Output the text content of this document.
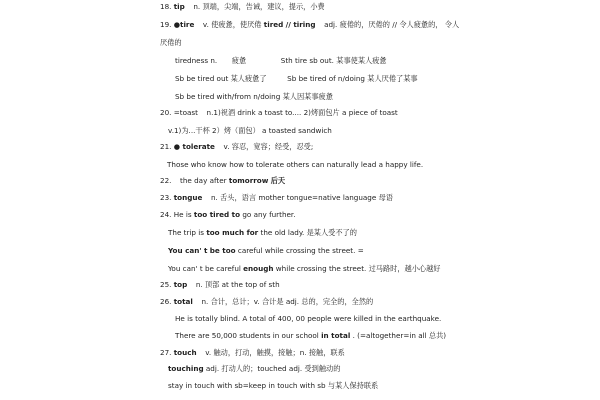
18. tip n. 顶端，尖端，告诫，建议，提示，小费
19. ●tire v. 使疲惫，使厌倦 tired // tiring adj. 疲倦的，厌倦的 // 令人疲惫的， 令人
厌倦的
tiredness n. 疲惫	Sth tire sb out. 某事使某人疲惫
Sb be tired out 某人疲惫了	Sb be tired of n/doing 某人厌倦了某事
Sb be tired with/from n/doing 某人因某事疲惫
20. =toast n.1)祝酒 drink a toast to.... 2)烤面包片 a piece of toast
v.1)为...干杯 2）烤（面包） a toasted sandwich
21. ● tolerate v. 容忍，宽容；经受，忍受;
Those who know how to tolerate others can naturally lead a happy life.
22. the day after tomorrow 后天
23. tongue n. 舌头，语言 mother tongue=native language 母语
24. He is too tired to go any further.
The trip is too much for the old lady. 是某人受不了的
You can' t be too careful while crossing the street. =
You can' t be careful enough while crossing the street. 过马路时，越小心越好
25. top n. 顶部 at the top of sth
26. total n. 合计，总计；v. 合计是 adj. 总的，完全的，全然的
He is totally blind. A total of 400, 00 people were killed in the earthquake.
There are 50,000 students in our school in total . (=altogether=in all 总共)
27. touch v. 触动，打动，触摸，接触；n. 接触，联系
touching adj. 打动人的；touched adj. 受到触动的
stay in touch with sb=keep in touch with sb 与某人保持联系
